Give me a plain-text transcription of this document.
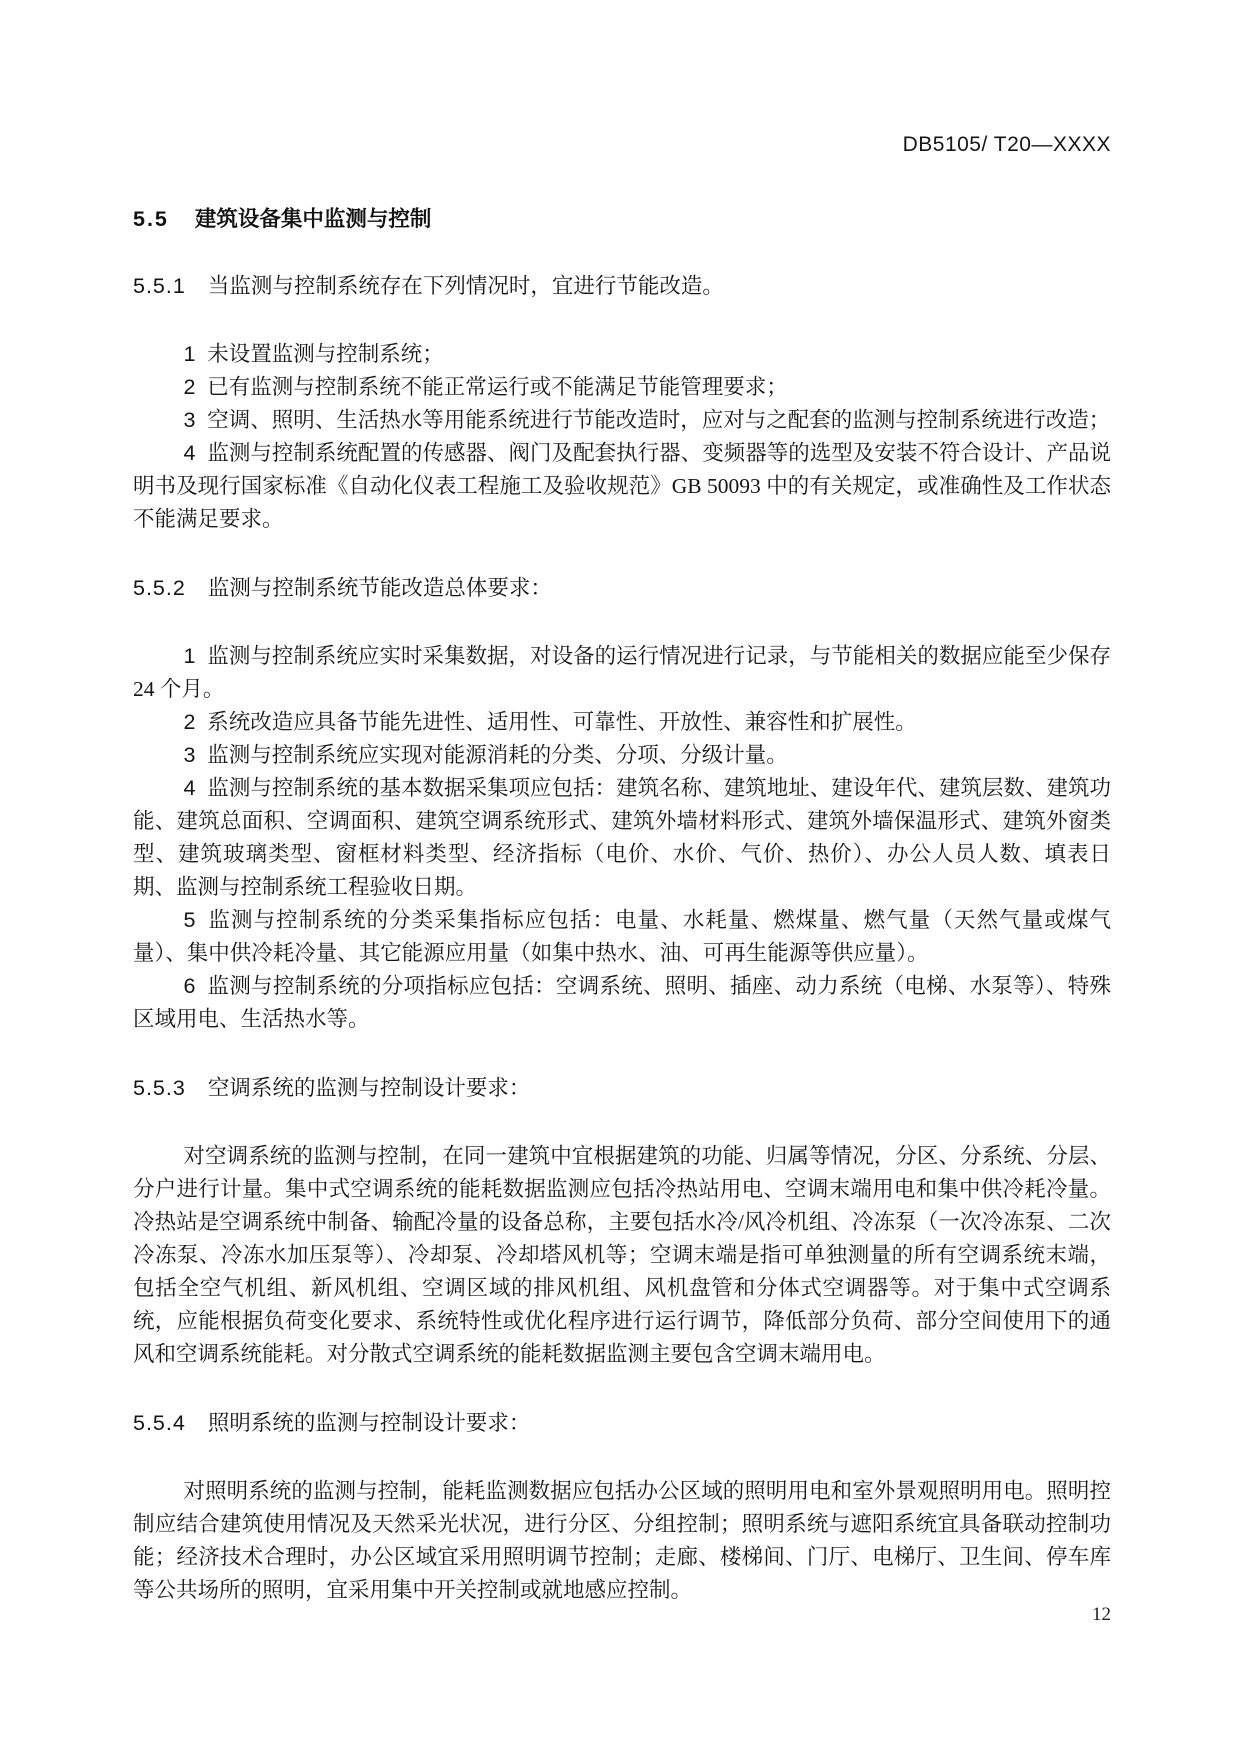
DB5105/ T20—XXXX
5.5 建筑设备集中监测与控制
5.5.1 当监测与控制系统存在下列情况时，宜进行节能改造。

1 未设置监测与控制系统；

2 已有监测与控制系统不能正常运行或不能满足节能管理要求；

3 空调、照明、生活热水等用能系统进行节能改造时，应对与之配套的监测与控制系统进行改造；

4 监测与控制系统配置的传感器、阀门及配套执行器、变频器等的选型及安装不符合设计、产品说明书及现行国家标准《自动化仪表工程施工及验收规范》GB 50093 中的有关规定，或准确性及工作状态不能满足要求。

5.5.2 监测与控制系统节能改造总体要求：

1 监测与控制系统应实时采集数据，对设备的运行情况进行记录，与节能相关的数据应能至少保存 24 个月。

2 系统改造应具备节能先进性、适用性、可靠性、开放性、兼容性和扩展性。

3 监测与控制系统应实现对能源消耗的分类、分项、分级计量。

4 监测与控制系统的基本数据采集项应包括：建筑名称、建筑地址、建设年代、建筑层数、建筑功能、建筑总面积、空调面积、建筑空调系统形式、建筑外墙材料形式、建筑外墙保温形式、建筑外窗类型、建筑玻璃类型、窗框材料类型、经济指标（电价、水价、气价、热价）、办公人员人数、填表日期、监测与控制系统工程验收日期。

5 监测与控制系统的分类采集指标应包括：电量、水耗量、燃煤量、燃气量（天然气量或煤气量）、集中供冷耗冷量、其它能源应用量（如集中热水、油、可再生能源等供应量）。

6 监测与控制系统的分项指标应包括：空调系统、照明、插座、动力系统（电梯、水泵等）、特殊区域用电、生活热水等。

5.5.3 空调系统的监测与控制设计要求：

对空调系统的监测与控制，在同一建筑中宜根据建筑的功能、归属等情况，分区、分系统、分层、分户进行计量。集中式空调系统的能耗数据监测应包括冷热站用电、空调末端用电和集中供冷耗冷量。冷热站是空调系统中制备、输配冷量的设备总称，主要包括水冷/风冷机组、冷冻泵（一次冷冻泵、二次冷冻泵、冷冻水加压泵等）、冷却泵、冷却塔风机等；空调末端是指可单独测量的所有空调系统末端，包括全空气机组、新风机组、空调区域的排风机组、风机盘管和分体式空调器等。对于集中式空调系统，应能根据负荷变化要求、系统特性或优化程序进行运行调节，降低部分负荷、部分空间使用下的通风和空调系统能耗。对分散式空调系统的能耗数据监测主要包含空调末端用电。

5.5.4 照明系统的监测与控制设计要求：

对照明系统的监测与控制，能耗监测数据应包括办公区域的照明用电和室外景观照明用电。照明控制应结合建筑使用情况及天然采光状况，进行分区、分组控制；照明系统与遮阳系统宜具备联动控制功能；经济技术合理时，办公区域宜采用照明调节控制；走廊、楼梯间、门厅、电梯厅、卫生间、停车库等公共场所的照明，宜采用集中开关控制或就地感应控制。

12
